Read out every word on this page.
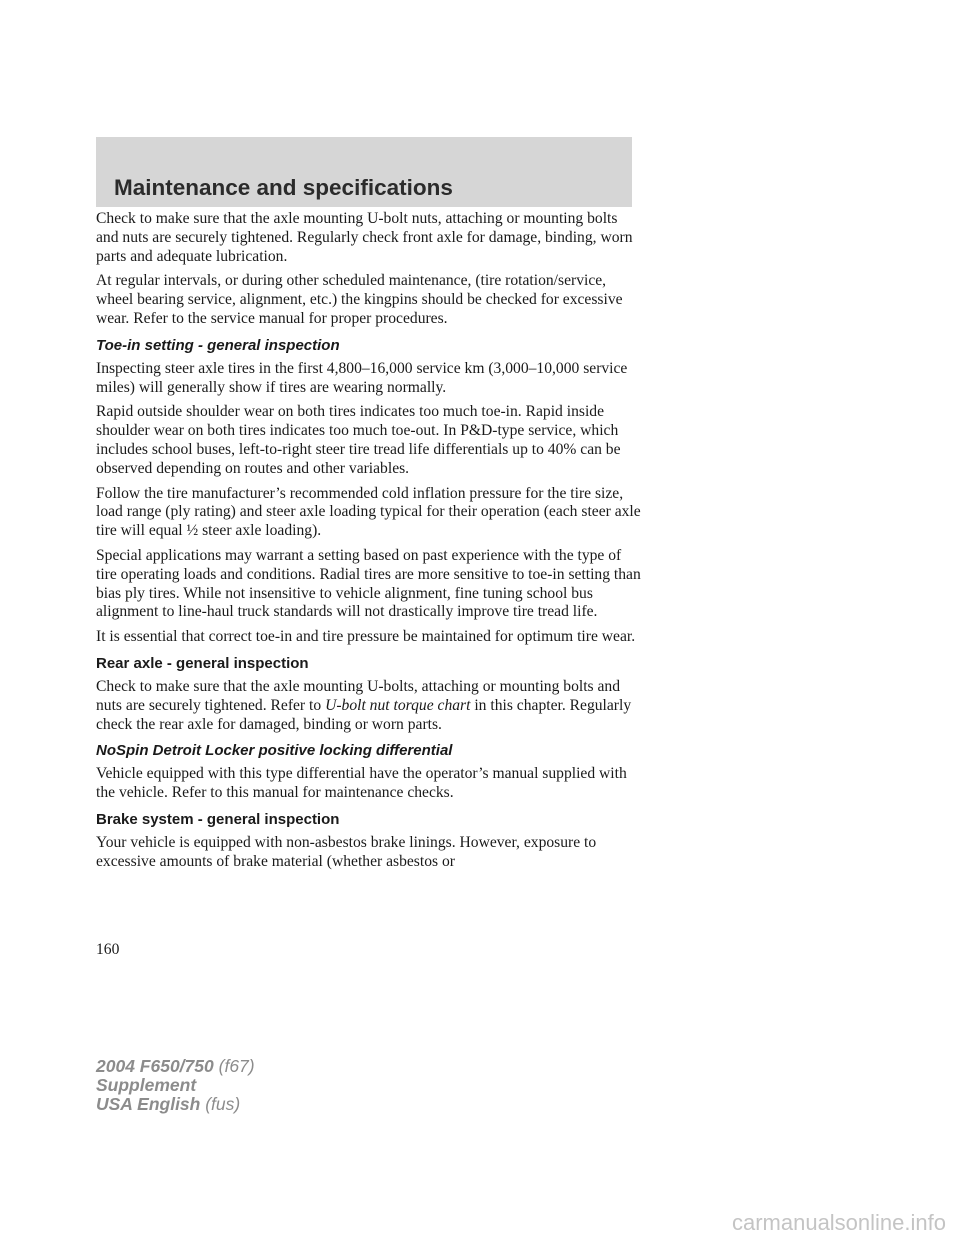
Maintenance and specifications

Check to make sure that the axle mounting U-bolt nuts, attaching or mounting bolts and nuts are securely tightened. Regularly check front axle for damage, binding, worn parts and adequate lubrication.

At regular intervals, or during other scheduled maintenance, (tire rotation/service, wheel bearing service, alignment, etc.) the kingpins should be checked for excessive wear. Refer to the service manual for proper procedures.

Toe-in setting - general inspection

Inspecting steer axle tires in the first 4,800–16,000 service km (3,000–10,000 service miles) will generally show if tires are wearing normally.

Rapid outside shoulder wear on both tires indicates too much toe-in. Rapid inside shoulder wear on both tires indicates too much toe-out. In P&D-type service, which includes school buses, left-to-right steer tire tread life differentials up to 40% can be observed depending on routes and other variables.

Follow the tire manufacturer’s recommended cold inflation pressure for the tire size, load range (ply rating) and steer axle loading typical for their operation (each steer axle tire will equal ½ steer axle loading).

Special applications may warrant a setting based on past experience with the type of tire operating loads and conditions. Radial tires are more sensitive to toe-in setting than bias ply tires. While not insensitive to vehicle alignment, fine tuning school bus alignment to line-haul truck standards will not drastically improve tire tread life.

It is essential that correct toe-in and tire pressure be maintained for optimum tire wear.

Rear axle - general inspection

Check to make sure that the axle mounting U-bolts, attaching or mounting bolts and nuts are securely tightened. Refer to U-bolt nut torque chart in this chapter. Regularly check the rear axle for damaged, binding or worn parts.

NoSpin Detroit Locker positive locking differential

Vehicle equipped with this type differential have the operator’s manual supplied with the vehicle. Refer to this manual for maintenance checks.

Brake system - general inspection

Your vehicle is equipped with non-asbestos brake linings. However, exposure to excessive amounts of brake material (whether asbestos or

160
2004 F650/750 (f67)
Supplement
USA English (fus)
carmanualsonline.info
